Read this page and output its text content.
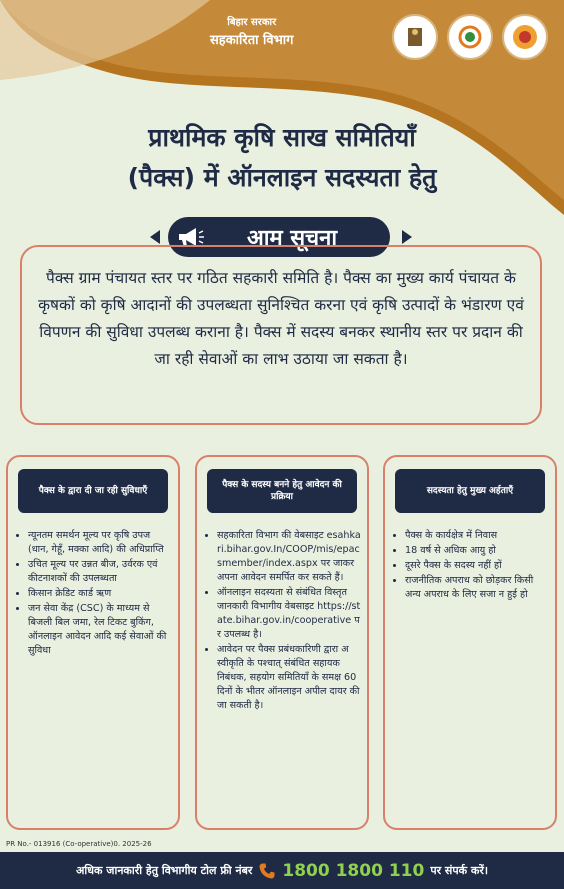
बिहार सरकार
सहकारिता विभाग
प्राथमिक कृषि साख समितियाँ
(पैक्स) में ऑनलाइन सदस्यता हेतु
आम सूचना

पैक्स ग्राम पंचायत स्तर पर गठित सहकारी समिति है। पैक्स का मुख्य कार्य पंचायत के कृषकों को कृषि आदानों की उपलब्धता सुनिश्चित करना एवं कृषि उत्पादों के भंडारण एवं विपणन की सुविधा उपलब्ध कराना है। पैक्स में सदस्य बनकर स्थानीय स्तर पर प्रदान की जा रही सेवाओं का लाभ उठाया जा सकता है।

पैक्स के द्वारा दी जा रही सुविधाएँ
• न्यूनतम समर्थन मूल्य पर कृषि उपज (धान, गेहूँ, मक्का आदि) की अधिप्राप्ति
• उचित मूल्य पर उन्नत बीज, उर्वरक एवं कीटनाशकों की उपलब्धता
• किसान क्रेडिट कार्ड ऋण
• जन सेवा केंद्र (CSC) के माध्यम से बिजली बिल जमा, रेल टिकट बुकिंग, ऑनलाइन आवेदन आदि कई सेवाओं की सुविधा
पैक्स के सदस्य बनने हेतु आवेदन की प्रक्रिया
• सहकारिता विभाग की वेबसाइट esahkari.bihar.gov.In/COOP/mis/epacsmember/index.aspx पर जाकर अपना आवेदन समर्पित कर सकते हैं।
• ऑनलाइन सदस्यता से संबंधित विस्तृत जानकारी विभागीय वेबसाइट https://state.bihar.gov.in/cooperative पर उपलब्ध है।
• आवेदन पर पैक्स प्रबंधकारिणी द्वारा अस्वीकृति के पश्चात् संबंधित सहायक निबंधक, सहयोग समितियाँ के समक्ष 60 दिनों के भीतर ऑनलाइन अपील दायर की जा सकती है।
सदस्यता हेतु मुख्य अर्हताएँ
• पैक्स के कार्यक्षेत्र में निवास
• 18 वर्ष से अधिक आयु हो
• दूसरे पैक्स के सदस्य नहीं हों
• राजनीतिक अपराध को छोड़कर किसी अन्य अपराध के लिए सजा न हुई हो
PR No.- 013916 (Co-operative)0. 2025-26
अधिक जानकारी हेतु विभागीय टोल फ्री नंबर 1800 1800 110 पर संपर्क करें।
